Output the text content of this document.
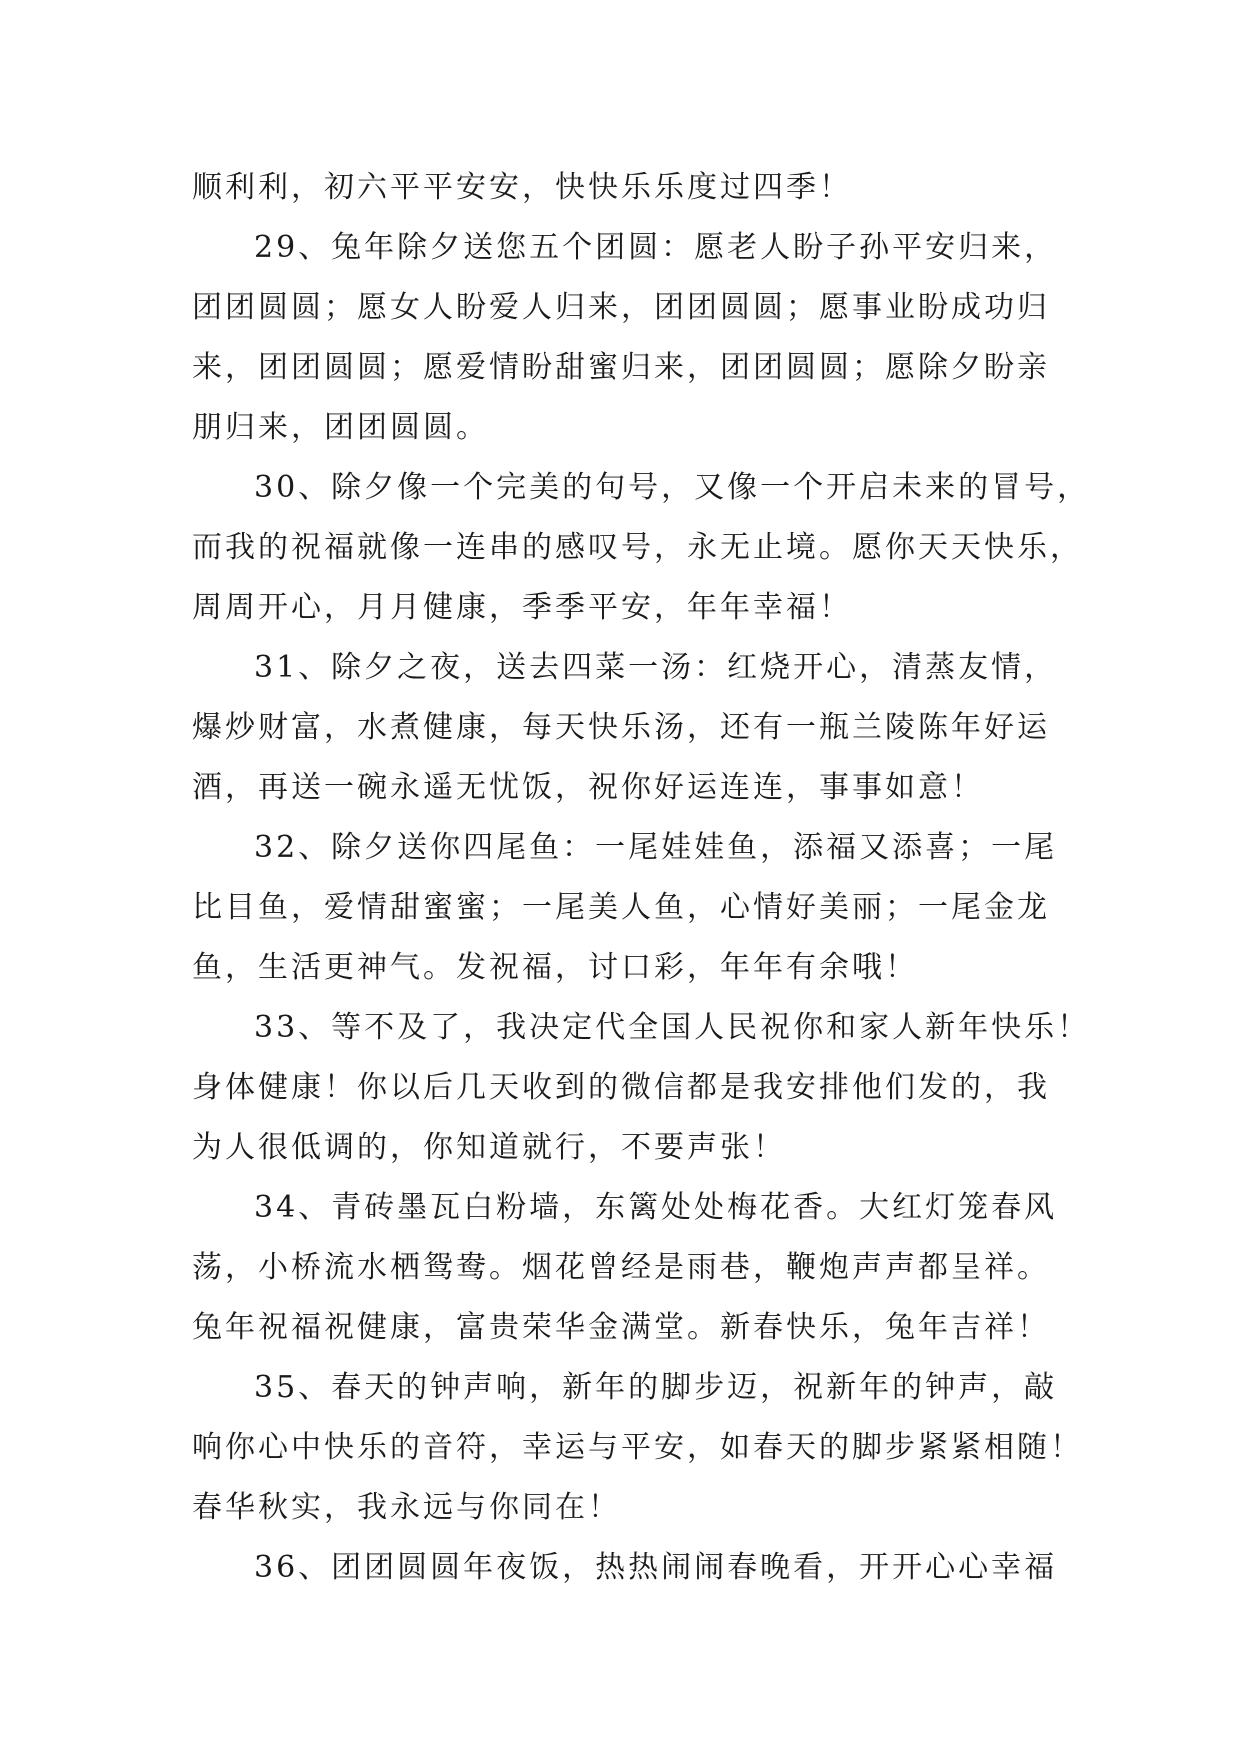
顺利利，初六平平安安，快快乐乐度过四季！
29、兔年除夕送您五个团圆：愿老人盼子孙平安归来，
团团圆圆；愿女人盼爱人归来，团团圆圆；愿事业盼成功归
来，团团圆圆；愿爱情盼甜蜜归来，团团圆圆；愿除夕盼亲
朋归来，团团圆圆。
30、除夕像一个完美的句号，又像一个开启未来的冒号，
而我的祝福就像一连串的感叹号，永无止境。愿你天天快乐，
周周开心，月月健康，季季平安，年年幸福！
31、除夕之夜，送去四菜一汤：红烧开心，清蒸友情，
爆炒财富，水煮健康，每天快乐汤，还有一瓶兰陵陈年好运
酒，再送一碗永遥无忧饭，祝你好运连连，事事如意！
32、除夕送你四尾鱼：一尾娃娃鱼，添福又添喜；一尾
比目鱼，爱情甜蜜蜜；一尾美人鱼，心情好美丽；一尾金龙
鱼，生活更神气。发祝福，讨口彩，年年有余哦！
33、等不及了，我决定代全国人民祝你和家人新年快乐！
身体健康！你以后几天收到的微信都是我安排他们发的，我
为人很低调的，你知道就行，不要声张！
34、青砖墨瓦白粉墙，东篱处处梅花香。大红灯笼春风
荡，小桥流水栖鸳鸯。烟花曾经是雨巷，鞭炮声声都呈祥。
兔年祝福祝健康，富贵荣华金满堂。新春快乐，兔年吉祥！
35、春天的钟声响，新年的脚步迈，祝新年的钟声，敲
响你心中快乐的音符，幸运与平安，如春天的脚步紧紧相随！
春华秋实，我永远与你同在！
36、团团圆圆年夜饭，热热闹闹春晚看，开开心心幸福
